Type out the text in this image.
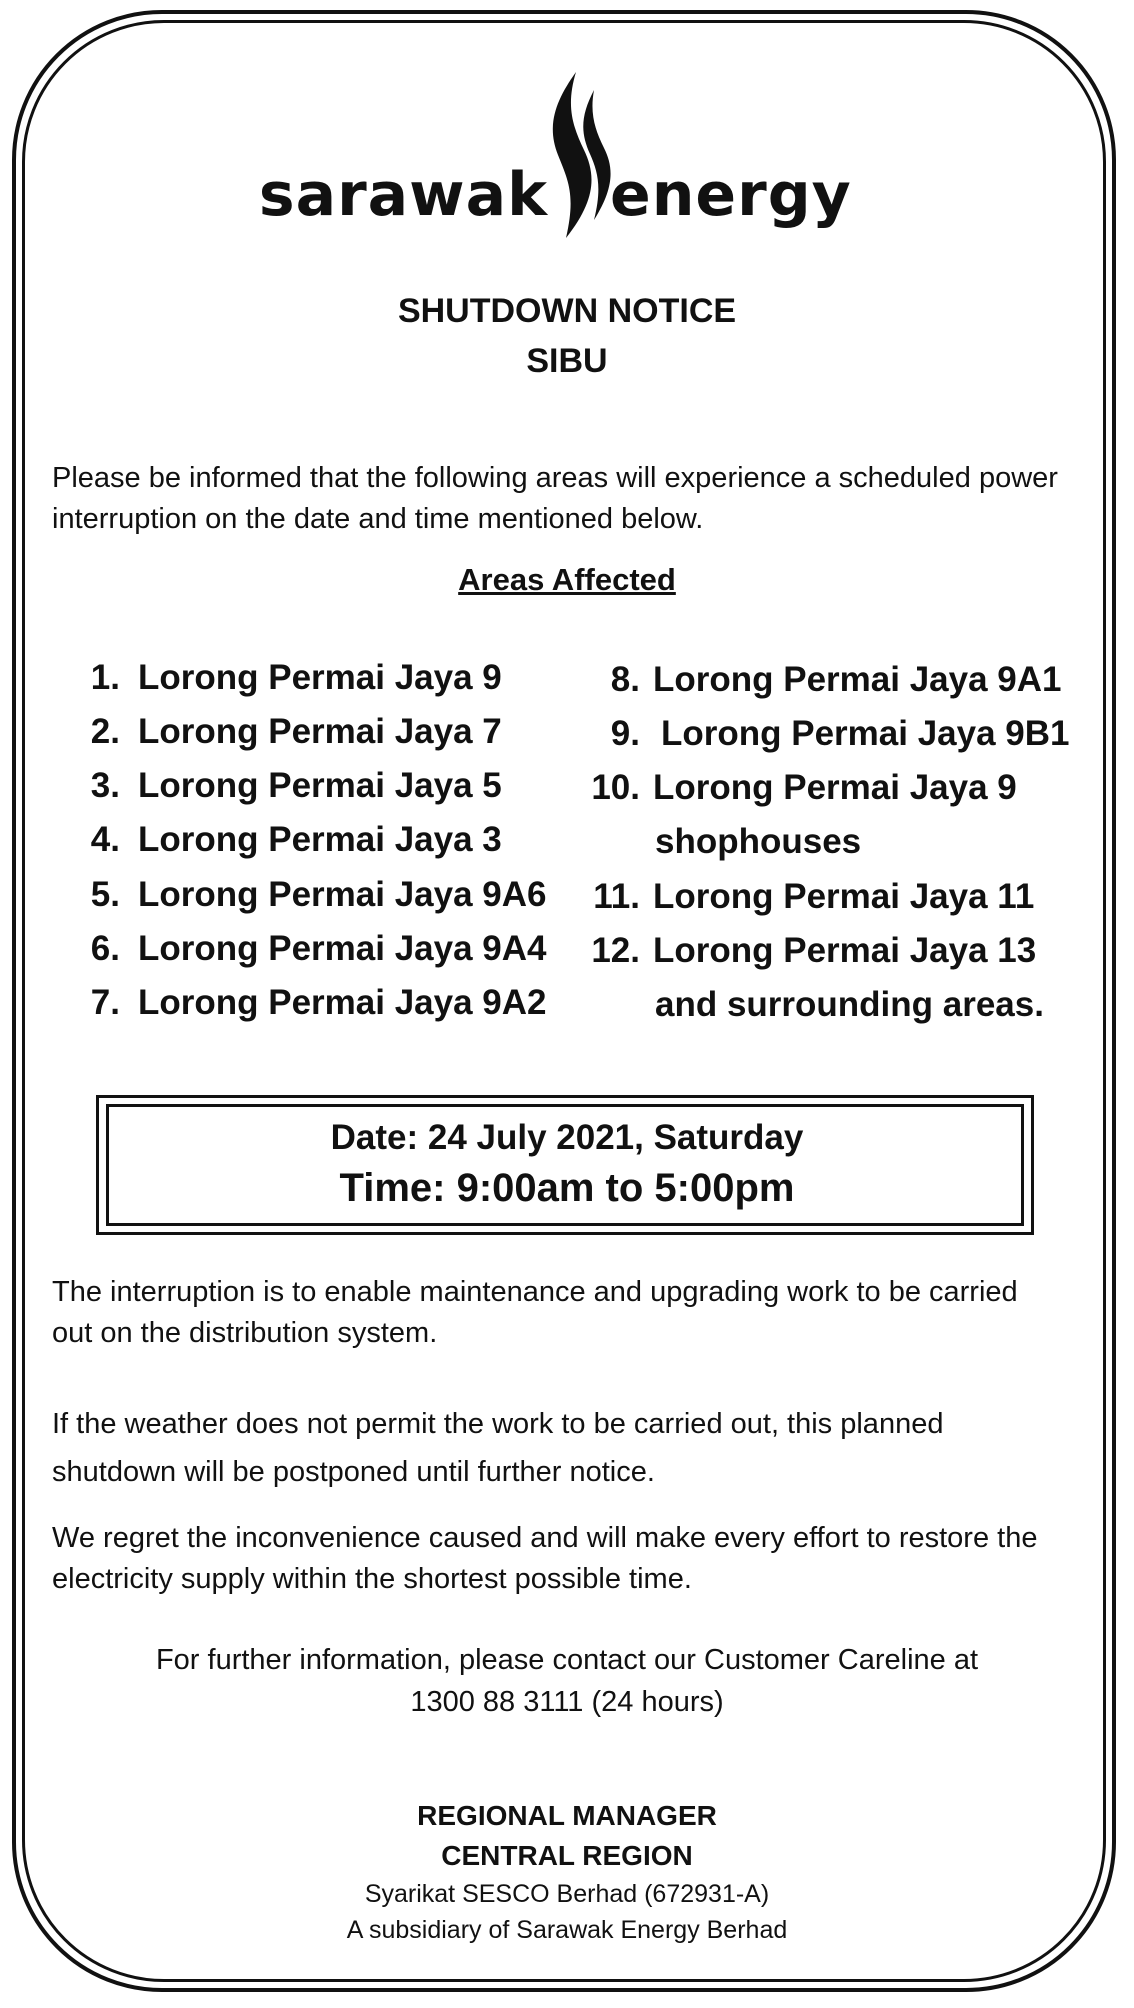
sarawak energy
SHUTDOWN NOTICE
SIBU
Please be informed that the following areas will experience a scheduled power
interruption on the date and time mentioned below.
Areas Affected
1. Lorong Permai Jaya 9
2. Lorong Permai Jaya 7
3. Lorong Permai Jaya 5
4. Lorong Permai Jaya 3
5. Lorong Permai Jaya 9A6
6. Lorong Permai Jaya 9A4
7. Lorong Permai Jaya 9A2
8. Lorong Permai Jaya 9A1
9. Lorong Permai Jaya 9B1
10. Lorong Permai Jaya 9
shophouses
11. Lorong Permai Jaya 11
12. Lorong Permai Jaya 13
and surrounding areas.
Date: 24 July 2021, Saturday
Time: 9:00am to 5:00pm
The interruption is to enable maintenance and upgrading work to be carried
out on the distribution system.
If the weather does not permit the work to be carried out, this planned
shutdown will be postponed until further notice.
We regret the inconvenience caused and will make every effort to restore the
electricity supply within the shortest possible time.
For further information, please contact our Customer Careline at
1300 88 3111 (24 hours)
REGIONAL MANAGER
CENTRAL REGION
Syarikat SESCO Berhad (672931-A)
A subsidiary of Sarawak Energy Berhad
